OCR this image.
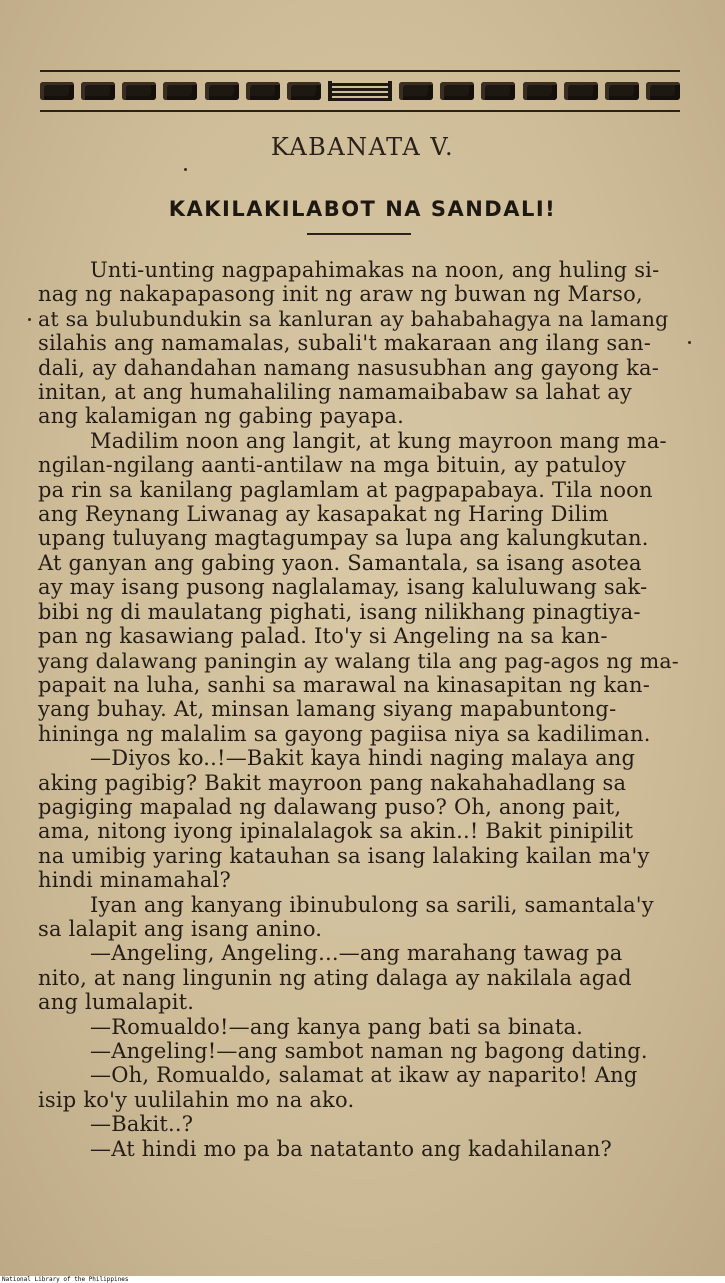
KABANATA V.
KAKILAKILABOT NA SANDALI!

Unti-unting nagpapahimakas na noon, ang huling si-

nag ng nakapapasong init ng araw ng buwan ng Marso,

at sa bulubundukin sa kanluran ay bahabahagya na lamang

silahis ang namamalas, subali't makaraan ang ilang san-

dali, ay dahandahan namang nasusubhan ang gayong ka-

initan, at ang humahaliling namamaibabaw sa lahat ay

ang kalamigan ng gabing payapa.

Madilim noon ang langit, at kung mayroon mang ma-

ngilan-ngilang aanti-antilaw na mga bituin, ay patuloy

pa rin sa kanilang paglamlam at pagpapabaya. Tila noon

ang Reynang Liwanag ay kasapakat ng Haring Dilim

upang tuluyang magtagumpay sa lupa ang kalungkutan.

At ganyan ang gabing yaon. Samantala, sa isang asotea

ay may isang pusong naglalamay, isang kaluluwang sak-

bibi ng di maulatang pighati, isang nilikhang pinagtiya-

pan ng kasawiang palad. Ito'y si Angeling na sa kan-

yang dalawang paningin ay walang tila ang pag-agos ng ma-

papait na luha, sanhi sa marawal na kinasapitan ng kan-

yang buhay. At, minsan lamang siyang mapabuntong-

hininga ng malalim sa gayong pagiisa niya sa kadiliman.

—Diyos ko..!—Bakit kaya hindi naging malaya ang

aking pagibig? Bakit mayroon pang nakahahadlang sa

pagiging mapalad ng dalawang puso? Oh, anong pait,

ama, nitong iyong ipinalalagok sa akin..! Bakit pinipilit

na umibig yaring katauhan sa isang lalaking kailan ma'y

hindi minamahal?

Iyan ang kanyang ibinubulong sa sarili, samantala'y

sa lalapit ang isang anino.

—Angeling, Angeling...—ang marahang tawag pa

nito, at nang lingunin ng ating dalaga ay nakilala agad

ang lumalapit.

—Romualdo!—ang kanya pang bati sa binata.

—Angeling!—ang sambot naman ng bagong dating.

—Oh, Romualdo, salamat at ikaw ay naparito! Ang

isip ko'y uulilahin mo na ako.

—Bakit..?

—At hindi mo pa ba natatanto ang kadahilanan?

National Library of the Philippines
